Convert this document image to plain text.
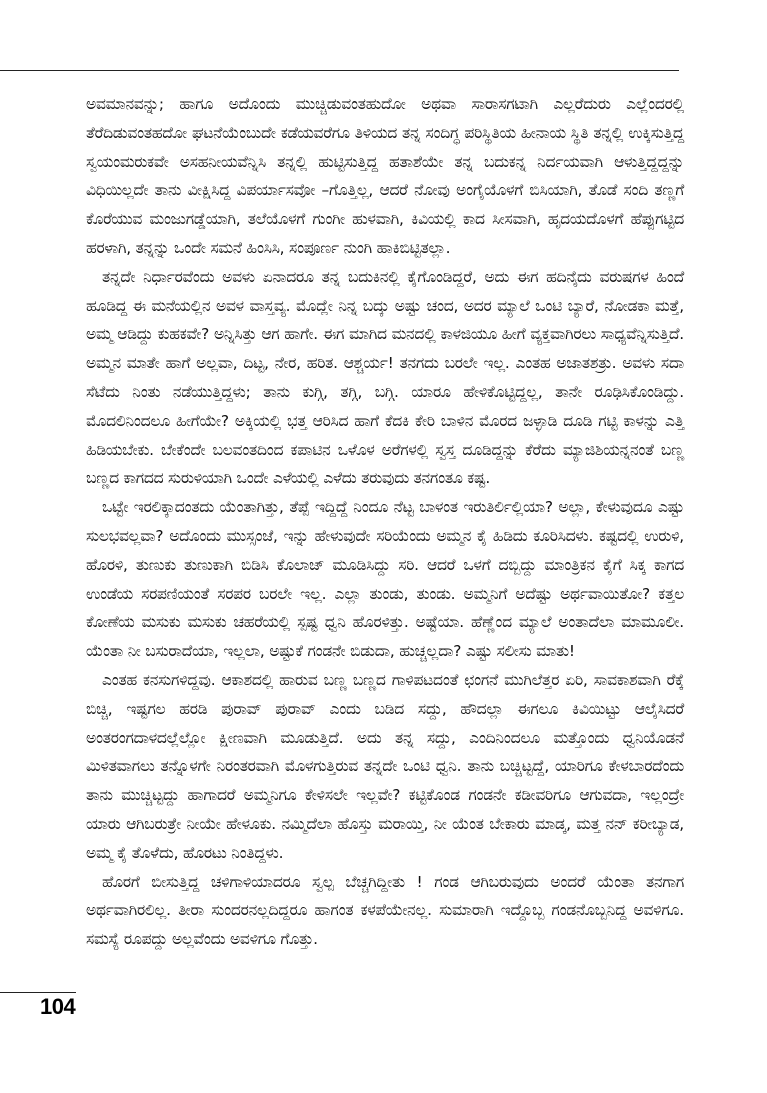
ಅವಮಾನವನ್ನು; ಹಾಗೂ ಅದೊಂದು ಮುಚ್ಚಿಡುವಂತಹುದೋ ಅಥವಾ ಸಾರಾಸಗಟಾಗಿ ಎಲ್ಲರೆದುರು ಎಲ್ಲೆಂದರಲ್ಲಿ ತೆರೆದಿಡುವಂತಹದೋ ಘಟನೆಯೆಂಬುದೇ ಕಡೆಯವರೆಗೂ ತಿಳಿಯದ ತನ್ನ ಸಂದಿಗ್ಧ ಪರಿಸ್ಥಿತಿಯ ಹೀನಾಯ ಸ್ಥಿತಿ ತನ್ನಲ್ಲಿ ಉಕ್ಕಿಸುತ್ತಿದ್ದ ಸ್ವಯಂಮರುಕವೇ ಅಸಹನೀಯವೆನ್ನಿಸಿ ತನ್ನಲ್ಲಿ ಹುಟ್ಟಿಸುತ್ತಿದ್ದ ಹತಾಶೆಯೇ ತನ್ನ ಬದುಕನ್ನ ನಿರ್ದಯವಾಗಿ ಆಳುತ್ತಿದ್ದದ್ದನ್ನು ವಿಧಿಯಿಲ್ಲದೇ ತಾನು ವೀಕ್ಷಿಸಿದ್ದ ವಿಪರ್ಯಾಸವೋ –ಗೊತ್ತಿಲ್ಲ, ಆದರೆ ನೋವು ಅಂಗೈಯೊಳಗೆ ಬಿಸಿಯಾಗಿ, ತೊಡೆ ಸಂದಿ ತಣ್ಣಗೆ ಕೊರೆಯುವ ಮಂಜುಗಡ್ಡೆಯಾಗಿ, ತಲೆಯೊಳಗೆ ಗುಂಗೀ ಹುಳವಾಗಿ, ಕಿವಿಯಲ್ಲಿ ಕಾದ ಸೀಸವಾಗಿ, ಹೃದಯದೊಳಗೆ ಹೆಪ್ಪುಗಟ್ಟಿದ ಹರಳಾಗಿ, ತನ್ನನ್ನು ಒಂದೇ ಸಮನೆ ಹಿಂಸಿಸಿ, ಸಂಪೂರ್ಣ ನುಂಗಿ ಹಾಕಿಬಿಟ್ಟಿತಲ್ಲಾ.

ತನ್ನದೇ ನಿರ್ಧಾರವೆಂದು ಅವಳು ಏನಾದರೂ ತನ್ನ ಬದುಕಿನಲ್ಲಿ ಕೈಗೊಂಡಿದ್ದರೆ, ಅದು ಈಗ ಹದಿನೈದು ವರುಷಗಳ ಹಿಂದೆ ಹೂಡಿದ್ದ ಈ ಮನೆಯಲ್ಲಿನ ಅವಳ ವಾಸ್ತವ್ಯ. ಮೊದ್ಲೇ ನಿನ್ನ ಬದ್ಕು ಅಷ್ಟು ಚಂದ, ಅದರ ಮ್ಯಾಲೆ ಒಂಟಿ ಬ್ಯಾರೆ, ನೋಡಕಾ ಮತ್ತೆ, ಅಮ್ಮ ಆಡಿದ್ದು ಕುಹಕವೇ? ಅನ್ನಿಸಿತ್ತು ಆಗ ಹಾಗೇ. ಈಗ ಮಾಗಿದ ಮನದಲ್ಲಿ ಕಾಳಜಿಯೂ ಹೀಗೆ ವ್ಯಕ್ತವಾಗಿರಲು ಸಾಧ್ಯವೆನ್ನಿಸುತ್ತಿದೆ. ಅಮ್ಮನ ಮಾತೇ ಹಾಗೆ ಅಲ್ಲವಾ, ದಿಟ್ಟ, ನೇರ, ಹರಿತ. ಆಶ್ಚರ್ಯ! ತನಗದು ಬರಲೇ ಇಲ್ಲ. ಎಂತಹ ಅಜಾತಶತ್ರು. ಅವಳು ಸದಾ ಸೆಟೆದು ನಿಂತು ನಡೆಯುತ್ತಿದ್ದಳು; ತಾನು ಕುಗ್ಗಿ, ತಗ್ಗಿ, ಬಗ್ಗಿ. ಯಾರೂ ಹೇಳಿಕೊಟ್ಟಿದ್ದಲ್ಲ, ತಾನೇ ರೂಢಿಸಿಕೊಂಡಿದ್ದು. ಮೊದಲಿನಿಂದಲೂ ಹೀಗೆಯೇ? ಅಕ್ಕಿಯಲ್ಲಿ ಭತ್ತ ಆರಿಸಿದ ಹಾಗೆ ಕೆದಕಿ ಕೇರಿ ಬಾಳಿನ ಮೊರದ ಜಳ್ಳಾಡಿ ದೂಡಿ ಗಟ್ಟಿ ಕಾಳನ್ನು ಎತ್ತಿ ಹಿಡಿಯಬೇಕು. ಬೇಕೆಂದೇ ಬಲವಂತದಿಂದ ಕಪಾಟಿನ ಒಳೊಳ ಅರೆಗಳಲ್ಲಿ ಸ್ವಸ್ತ ದೂಡಿದ್ದನ್ನು ಕೆರೆದು ಮ್ಯಾಜಿಶಿಯನ್ನನಂತೆ ಬಣ್ಣ ಬಣ್ಣದ ಕಾಗದದ ಸುರುಳಿಯಾಗಿ ಒಂದೇ ಎಳೆಯಲ್ಲಿ ಎಳೆದು ತರುವುದು ತನಗಂತೂ ಕಷ್ಟ.

ಒಟ್ಟೇ ಇರಲಿಕ್ಕಾದಂತದು ಯೆಂತಾಗಿತ್ತು, ತೆಪ್ಪೆ ಇದ್ದಿದ್ದೆ ನಿಂದೂ ನೆಟ್ಟ ಬಾಳಂತ ಇರುತಿರ್ಲಿಲ್ಲಿಯಾ? ಅಲ್ಲಾ, ಕೇಳುವುದೂ ಎಷ್ಟು ಸುಲಭವಲ್ಲವಾ? ಅದೊಂದು ಮುಸ್ಸಂಜೆ, ಇನ್ನು ಹೇಳುವುದೇ ಸರಿಯೆಂದು ಅಮ್ಮನ ಕೈ ಹಿಡಿದು ಕೂರಿಸಿದಳು. ಕಷ್ಟದಲ್ಲಿ ಉರುಳಿ, ಹೊರಳಿ, ತುಣುಕು ತುಣುಕಾಗಿ ಬಿಡಿಸಿ ಕೊಲಾಜ್ ಮೂಡಿಸಿದ್ದು ಸರಿ. ಆದರೆ ಒಳಗೆ ದಬ್ಬಿದ್ದು ಮಾಂತ್ರಿಕನ ಕೈಗೆ ಸಿಕ್ಕ ಕಾಗದ ಉಂಡೆಯ ಸರಪಣಿಯಂತೆ ಸರಪರ ಬರಲೇ ಇಲ್ಲ. ಎಲ್ಲಾ ತುಂಡು, ತುಂಡು. ಅಮ್ಮನಿಗೆ ಅದೆಷ್ಟು ಅರ್ಥವಾಯಿತೋ? ಕತ್ತಲ ಕೋಣೆಯ ಮಸುಕು ಮಸುಕು ಚಹರೆಯಲ್ಲಿ ಸ್ಪಷ್ಟ ಧ್ವನಿ ಹೊರಳಿತ್ತು. ಅಷ್ಟೆಯಾ. ಹೆಣ್ಣೆಂದ ಮ್ಯಾಲೆ ಅಂತಾದೆಲಾ ಮಾಮೂಲೀ. ಯೆಂತಾ ನೀ ಬಸುರಾದೆಯಾ, ಇಲ್ಲಲಾ, ಅಷ್ಟುಕೆ ಗಂಡನೇ ಬಿಡುದಾ, ಹುಚ್ಚಲ್ಲದಾ? ಎಷ್ಟು ಸಲೀಸು ಮಾತು!

ಎಂತಹ ಕನಸುಗಳಿದ್ದವು. ಆಕಾಶದಲ್ಲಿ ಹಾರುವ ಬಣ್ಣ ಬಣ್ಣದ ಗಾಳಿಪಟದಂತೆ ಛಂಗನೆ ಮುಗಿಲೆತ್ತರ ಏರಿ, ಸಾವಕಾಶವಾಗಿ ರೆಕ್ಕೆ ಬಿಚ್ಚಿ, ಇಷ್ಟಗಲ ಹರಡಿ ಪುರಾವ್ ಪುರಾವ್ ಎಂದು ಬಡಿದ ಸದ್ದು, ಹೌದಲ್ಲಾ ಈಗಲೂ ಕಿವಿಯಿಟ್ಟು ಆಲೈಸಿದರೆ ಅಂತರಂಗದಾಳದಲ್ಲೆಲ್ಲೋ ಕ್ಷೀಣವಾಗಿ ಮೂಡುತ್ತಿದೆ. ಅದು ತನ್ನ ಸದ್ದು, ಎಂದಿನಿಂದಲೂ ಮತ್ತೊಂದು ಧ್ವನಿಯೊಡನೆ ಮಿಳಿತವಾಗಲು ತನ್ನೊಳಗೇ ನಿರಂತರವಾಗಿ ಮೊಳಗುತ್ತಿರುವ ತನ್ನದೇ ಒಂಟಿ ಧ್ವನಿ. ತಾನು ಬಚ್ಚಿಟ್ಟದ್ದೆ, ಯಾರಿಗೂ ಕೇಳಬಾರದೆಂದು ತಾನು ಮುಚ್ಚಿಟ್ಟದ್ದು ಹಾಗಾದರೆ ಅಮ್ಮನಿಗೂ ಕೇಳಿಸಲೇ ಇಲ್ಲವೇ? ಕಟ್ಟಿಕೊಂಡ ಗಂಡನೇ ಕಡೀವರಿಗೂ ಆಗುವದಾ, ಇಲ್ಲಂದ್ರೇ ಯಾರು ಆಗಿಬರುತ್ರೇ ನೀಯೇ ಹೇಳೂಕು. ನಮ್ಮಿದೆಲಾ ಹೊಸ್ತು ಮರಾಯ್ತಿ, ನೀ ಯೆಂತ ಬೇಕಾರು ಮಾಡ್ಕ, ಮತ್ತ ನನ್ ಕರೀಬ್ಯಾಡ, ಅಮ್ಮ ಕೈ ತೊಳೆದು, ಹೊರಟು ನಿಂತಿದ್ದಳು.

ಹೊರಗೆ ಬೀಸುತ್ತಿದ್ದ ಚಳಿಗಾಳಿಯಾದರೂ ಸ್ವಲ್ಪ ಬೆಚ್ಚಗಿದ್ದೀತು ! ಗಂಡ ಆಗಿಬರುವುದು ಅಂದರೆ ಯೆಂತಾ ತನಗಾಗ ಅರ್ಥವಾಗಿರಲಿಲ್ಲ. ತೀರಾ ಸುಂದರನಲ್ಲದಿದ್ದರೂ ಹಾಗಂತ ಕಳಪೆಯೇನಲ್ಲ. ಸುಮಾರಾಗಿ ಇದ್ದೊಬ್ಬ ಗಂಡನೊಬ್ಬನಿದ್ದ ಅವಳಿಗೂ. ಸಮಸ್ಯೆ ರೂಪದ್ದು ಅಲ್ಲವೆಂದು ಅವಳಿಗೂ ಗೊತ್ತು.

104
